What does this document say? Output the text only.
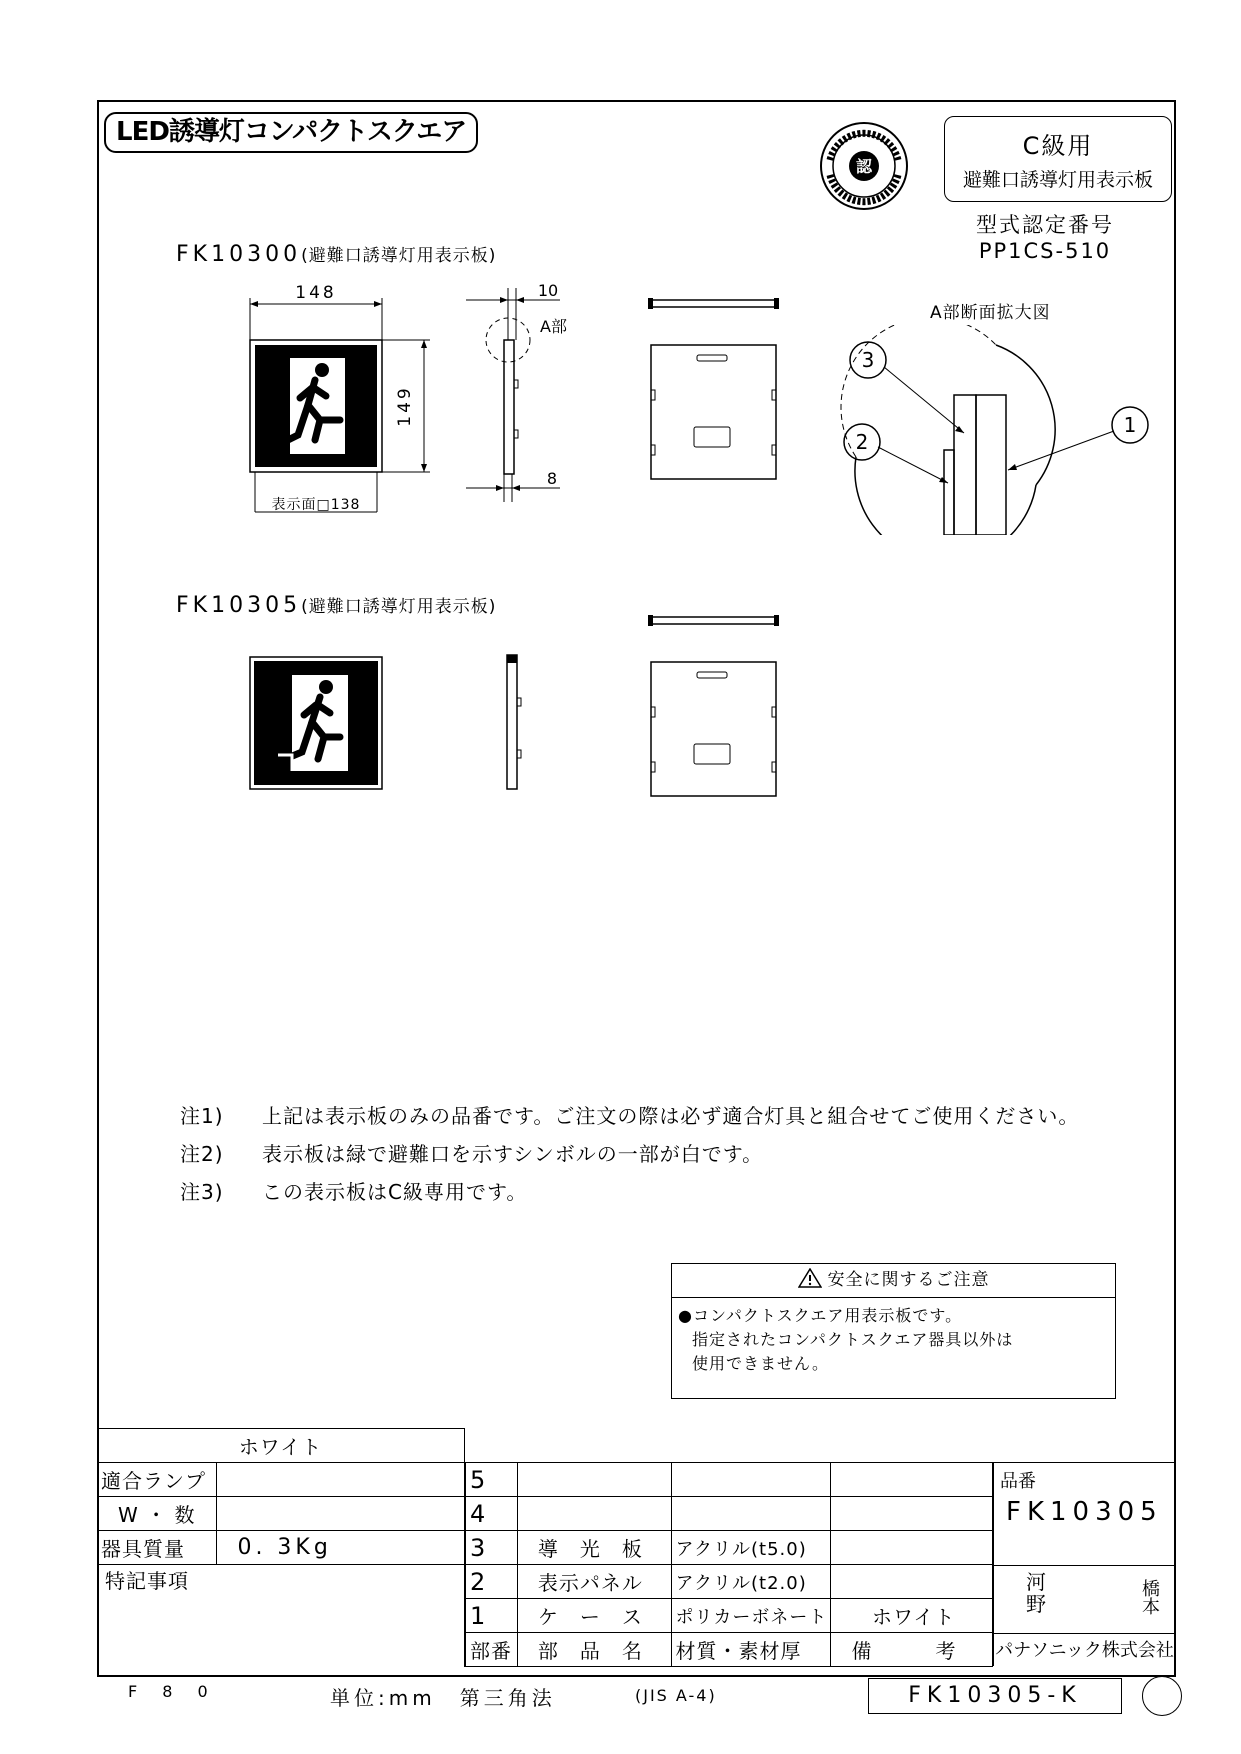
LED誘導灯コンパクトスクエア
認
C級用
避難口誘導灯用表示板
型式認定番号
PP1CS-510
FK10300(避難口誘導灯用表示板)
FK10305(避難口誘導灯用表示板)
148
149
表示面□138
10
A部
8
A部断面拡大図
3
2
1
注1) 上記は表示板のみの品番です。ご注文の際は必ず適合灯具と組合せてご使用ください。
注2) 表示板は緑で避難口を示すシンボルの一部が白です。
注3) この表示板はC級専用です。
安全に関するご注意
●コンパクトスクエア用表示板です。
指定されたコンパクトスクエア器具以外は
使用できません。
ホワイト	
適合ランプ	
W ・ 数	
器具質量	0. 3Kg
特記事項	
5			
4			
3	導　光　板	アクリル(t5.0)	
2	表示パネル	アクリル(t2.0)	
1	ケ　ー　ス	ポリカーボネート	ホワイト
部番	部　品　名	材質・素材厚	備　　　考
品番
FK10305
河
野
橋
本
パナソニック株式会社
F 8 0	単位:mm　第三角法	(JIS A-4)	FK10305-K
